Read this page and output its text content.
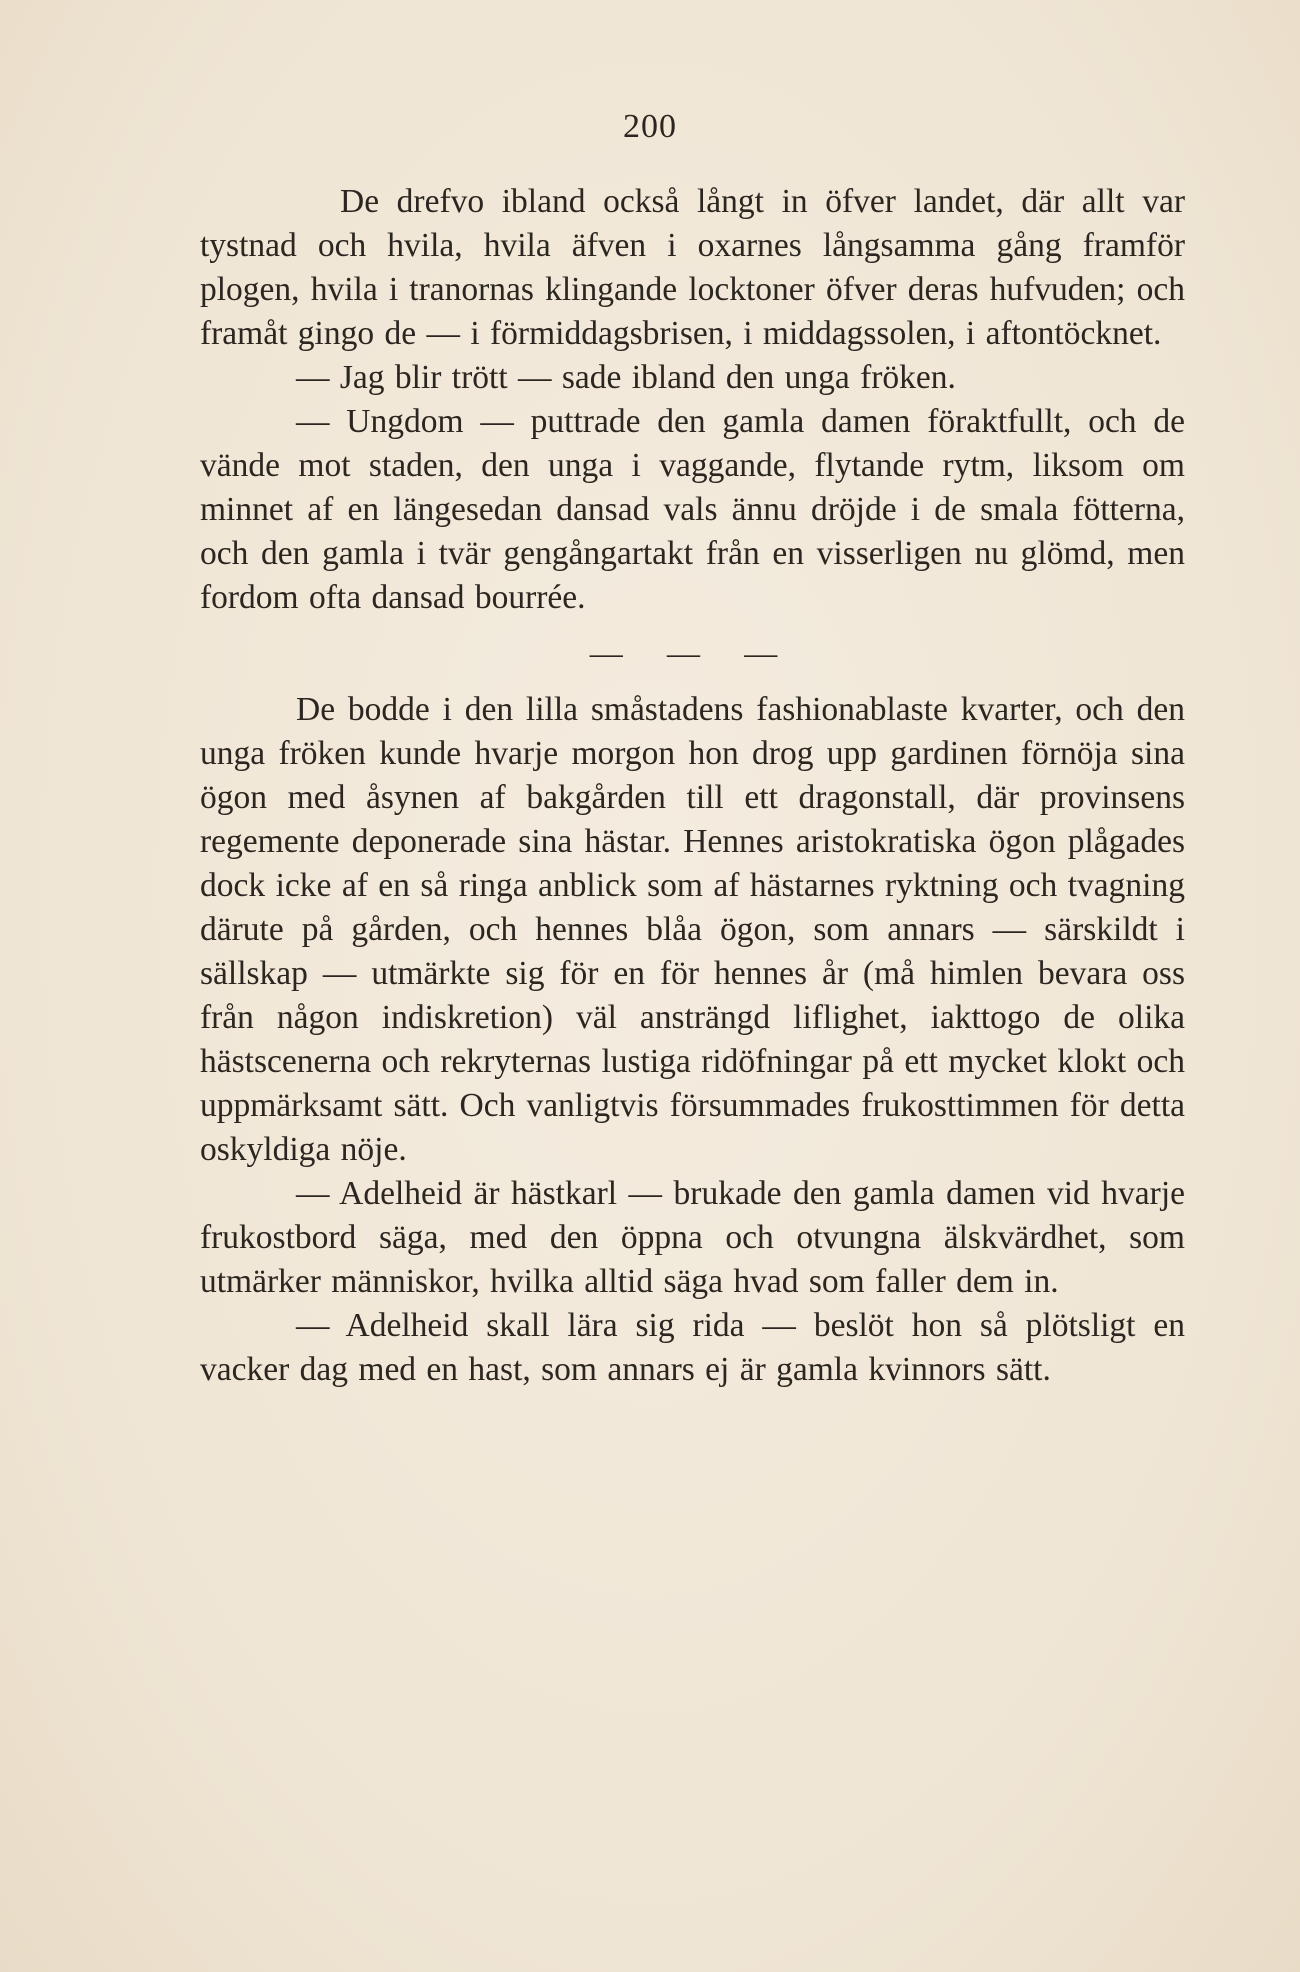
200

De drefvo ibland också långt in öfver landet, där allt var tystnad och hvila, hvila äfven i oxarnes långsamma gång framför plogen, hvila i tranornas klingande locktoner öfver deras hufvuden; och framåt gingo de — i förmiddagsbrisen, i middagssolen, i aftontöcknet.

— Jag blir trött — sade ibland den unga fröken.

— Ungdom — puttrade den gamla damen föraktfullt, och de vände mot staden, den unga i vaggande, flytande rytm, liksom om minnet af en längesedan dansad vals ännu dröjde i de smala fötterna, och den gamla i tvär gengångartakt från en visserligen nu glömd, men fordom ofta dansad bourrée.

— — —

De bodde i den lilla småstadens fashionablaste kvarter, och den unga fröken kunde hvarje morgon hon drog upp gardinen förnöja sina ögon med åsynen af bakgården till ett dragonstall, där provinsens regemente deponerade sina hästar. Hennes aristokratiska ögon plågades dock icke af en så ringa anblick som af hästarnes ryktning och tvagning därute på gården, och hennes blåa ögon, som annars — särskildt i sällskap — utmärkte sig för en för hennes år (må himlen bevara oss från någon indiskretion) väl ansträngd liflighet, iakttogo de olika hästscenerna och rekryternas lustiga ridöfningar på ett mycket klokt och uppmärksamt sätt. Och vanligtvis försummades frukosttimmen för detta oskyldiga nöje.

— Adelheid är hästkarl — brukade den gamla damen vid hvarje frukostbord säga, med den öppna och otvungna älskvärdhet, som utmärker människor, hvilka alltid säga hvad som faller dem in.

— Adelheid skall lära sig rida — beslöt hon så plötsligt en vacker dag med en hast, som annars ej är gamla kvinnors sätt.
